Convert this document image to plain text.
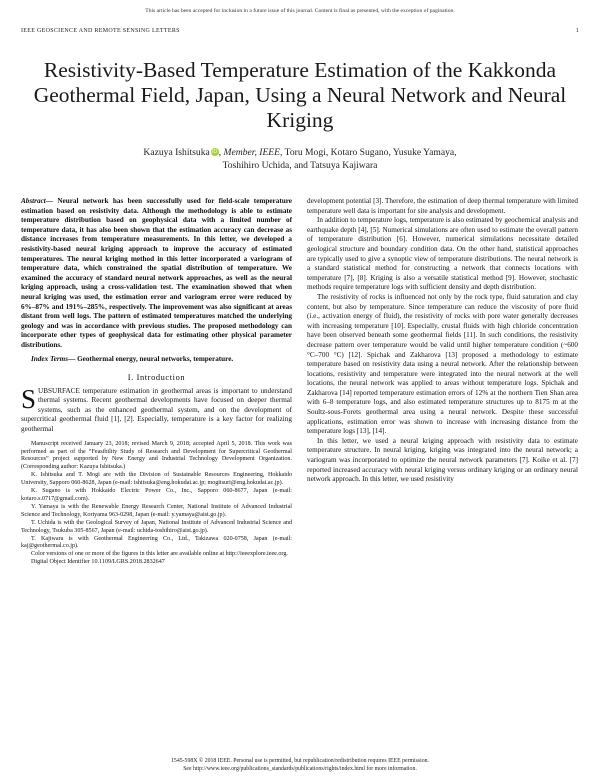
This article has been accepted for inclusion in a future issue of this journal. Content is final as presented, with the exception of pagination.
IEEE GEOSCIENCE AND REMOTE SENSING LETTERS	1
Resistivity-Based Temperature Estimation of the Kakkonda Geothermal Field, Japan, Using a Neural Network and Neural Kriging
Kazuya Ishitsuka iD, Member, IEEE, Toru Mogi, Kotaro Sugano, Yusuke Yamaya,
Toshihiro Uchida, and Tatsuya Kajiwara
Abstract— Neural network has been successfully used for field-scale temperature estimation based on resistivity data. Although the methodology is able to estimate temperature distribution based on geophysical data with a limited number of temperature data, it has also been shown that the estimation accuracy can decrease as distance increases from temperature measurements. In this letter, we developed a resistivity-based neural kriging approach to improve the accuracy of estimated temperatures. The neural kriging method in this letter incorporated a variogram of temperature data, which constrained the spatial distribution of temperature. We examined the accuracy of standard neural network approaches, as well as the neural kriging approach, using a cross-validation test. The examination showed that when neural kriging was used, the estimation error and variogram error were reduced by 6%–87% and 191%–285%, respectively. The improvement was also significant at areas distant from well logs. The pattern of estimated temperatures matched the underlying geology and was in accordance with previous studies. The proposed methodology can incorporate other types of geophysical data for estimating other physical parameter distributions.
Index Terms— Geothermal energy, neural networks, temperature.
I. Introduction
SUBSURFACE temperature estimation in geothermal areas is important to understand thermal systems. Recent geothermal developments have focused on deeper thermal systems, such as the enhanced geothermal system, and on the development of supercritical geothermal fluid [1], [2]. Especially, temperature is a key factor for realizing geothermal

Manuscript received January 23, 2018; revised March 9, 2018; accepted April 5, 2018. This work was performed as part of the “Feasibility Study of Research and Development for Supercritical Geothermal Resources” project supported by New Energy and Industrial Technology Development Organization. (Corresponding author: Kazuya Ishitsuka.)

K. Ishitsuka and T. Mogi are with the Division of Sustainable Resources Engineering, Hokkaido University, Sapporo 060-8628, Japan (e-mail: ishitsuka@eng.hokudai.ac.jp; mogitsuri@eng.hokudai.ac.jp).

K. Sugano is with Hokkaido Electric Power Co., Inc., Sapporo 060-8677, Japan (e-mail: kotaro.s.0717@gmail.com).

Y. Yamaya is with the Renewable Energy Research Center, National Institute of Advanced Industrial Science and Technology, Koriyama 963-0298, Japan (e-mail: y.yamaya@aist.go.jp).

T. Uchida is with the Geological Survey of Japan, National Institute of Advanced Industrial Science and Technology, Tsukuba 305-8567, Japan (e-mail: uchida-toshihiro@aist.go.jp).

T. Kajiwara is with Geothermal Engineering Co., Ltd., Takizawa 020-0758, Japan (e-mail: kaj@geothermal.co.jp).

Color versions of one or more of the figures in this letter are available online at http://ieeexplore.ieee.org.

Digital Object Identifier 10.1109/LGRS.2018.2832647

development potential [3]. Therefore, the estimation of deep thermal temperature with limited temperature well data is important for site analysis and development.

In addition to temperature logs, temperature is also estimated by geochemical analysis and earthquake depth [4], [5]. Numerical simulations are often used to estimate the overall pattern of temperature distribution [6]. However, numerical simulations necessitate detailed geological structure and boundary condition data. On the other hand, statistical approaches are typically used to give a synoptic view of temperature distributions. The neural network is a standard statistical method for constructing a network that connects locations with temperature [7], [8]. Kriging is also a versatile statistical method [9]. However, stochastic methods require temperature logs with sufficient density and depth distribution.

The resistivity of rocks is influenced not only by the rock type, fluid saturation and clay content, but also by temperature. Since temperature can reduce the viscosity of pore fluid (i.e., activation energy of fluid), the resistivity of rocks with pore water generally decreases with increasing temperature [10]. Especially, crustal fluids with high chloride concentration have been observed beneath some geothermal fields [11]. In such conditions, the resistivity decrease pattern over temperature would be valid until higher temperature condition (~600 °C–700 °C) [12]. Spichak and Zakharova [13] proposed a methodology to estimate temperature based on resistivity data using a neural network. After the relationship between locations, resistivity and temperature were integrated into the neural network at the well locations, the neural network was applied to areas without temperature logs. Spichak and Zakharova [14] reported temperature estimation errors of 12% at the northern Tien Shan area with 6–8 temperature logs, and also estimated temperature structures up to 8175 m at the Soultz-sous-Forets geothermal area using a neural network. Despite these successful applications, estimation error was shown to increase with increasing distance from the temperature logs [13], [14].

In this letter, we used a neural kriging approach with resistivity data to estimate temperature structure. In neural kriging, kriging was integrated into the neural network; a variogram was incorporated to optimize the neural network parameters [7]. Koike et al. [7] reported increased accuracy with neural kriging versus ordinary kriging or an ordinary neural network approach. In this letter, we used resistivity

1545-598X © 2018 IEEE. Personal use is permitted, but republication/redistribution requires IEEE permission.
See http://www.ieee.org/publications_standards/publications/rights/index.html for more information.
